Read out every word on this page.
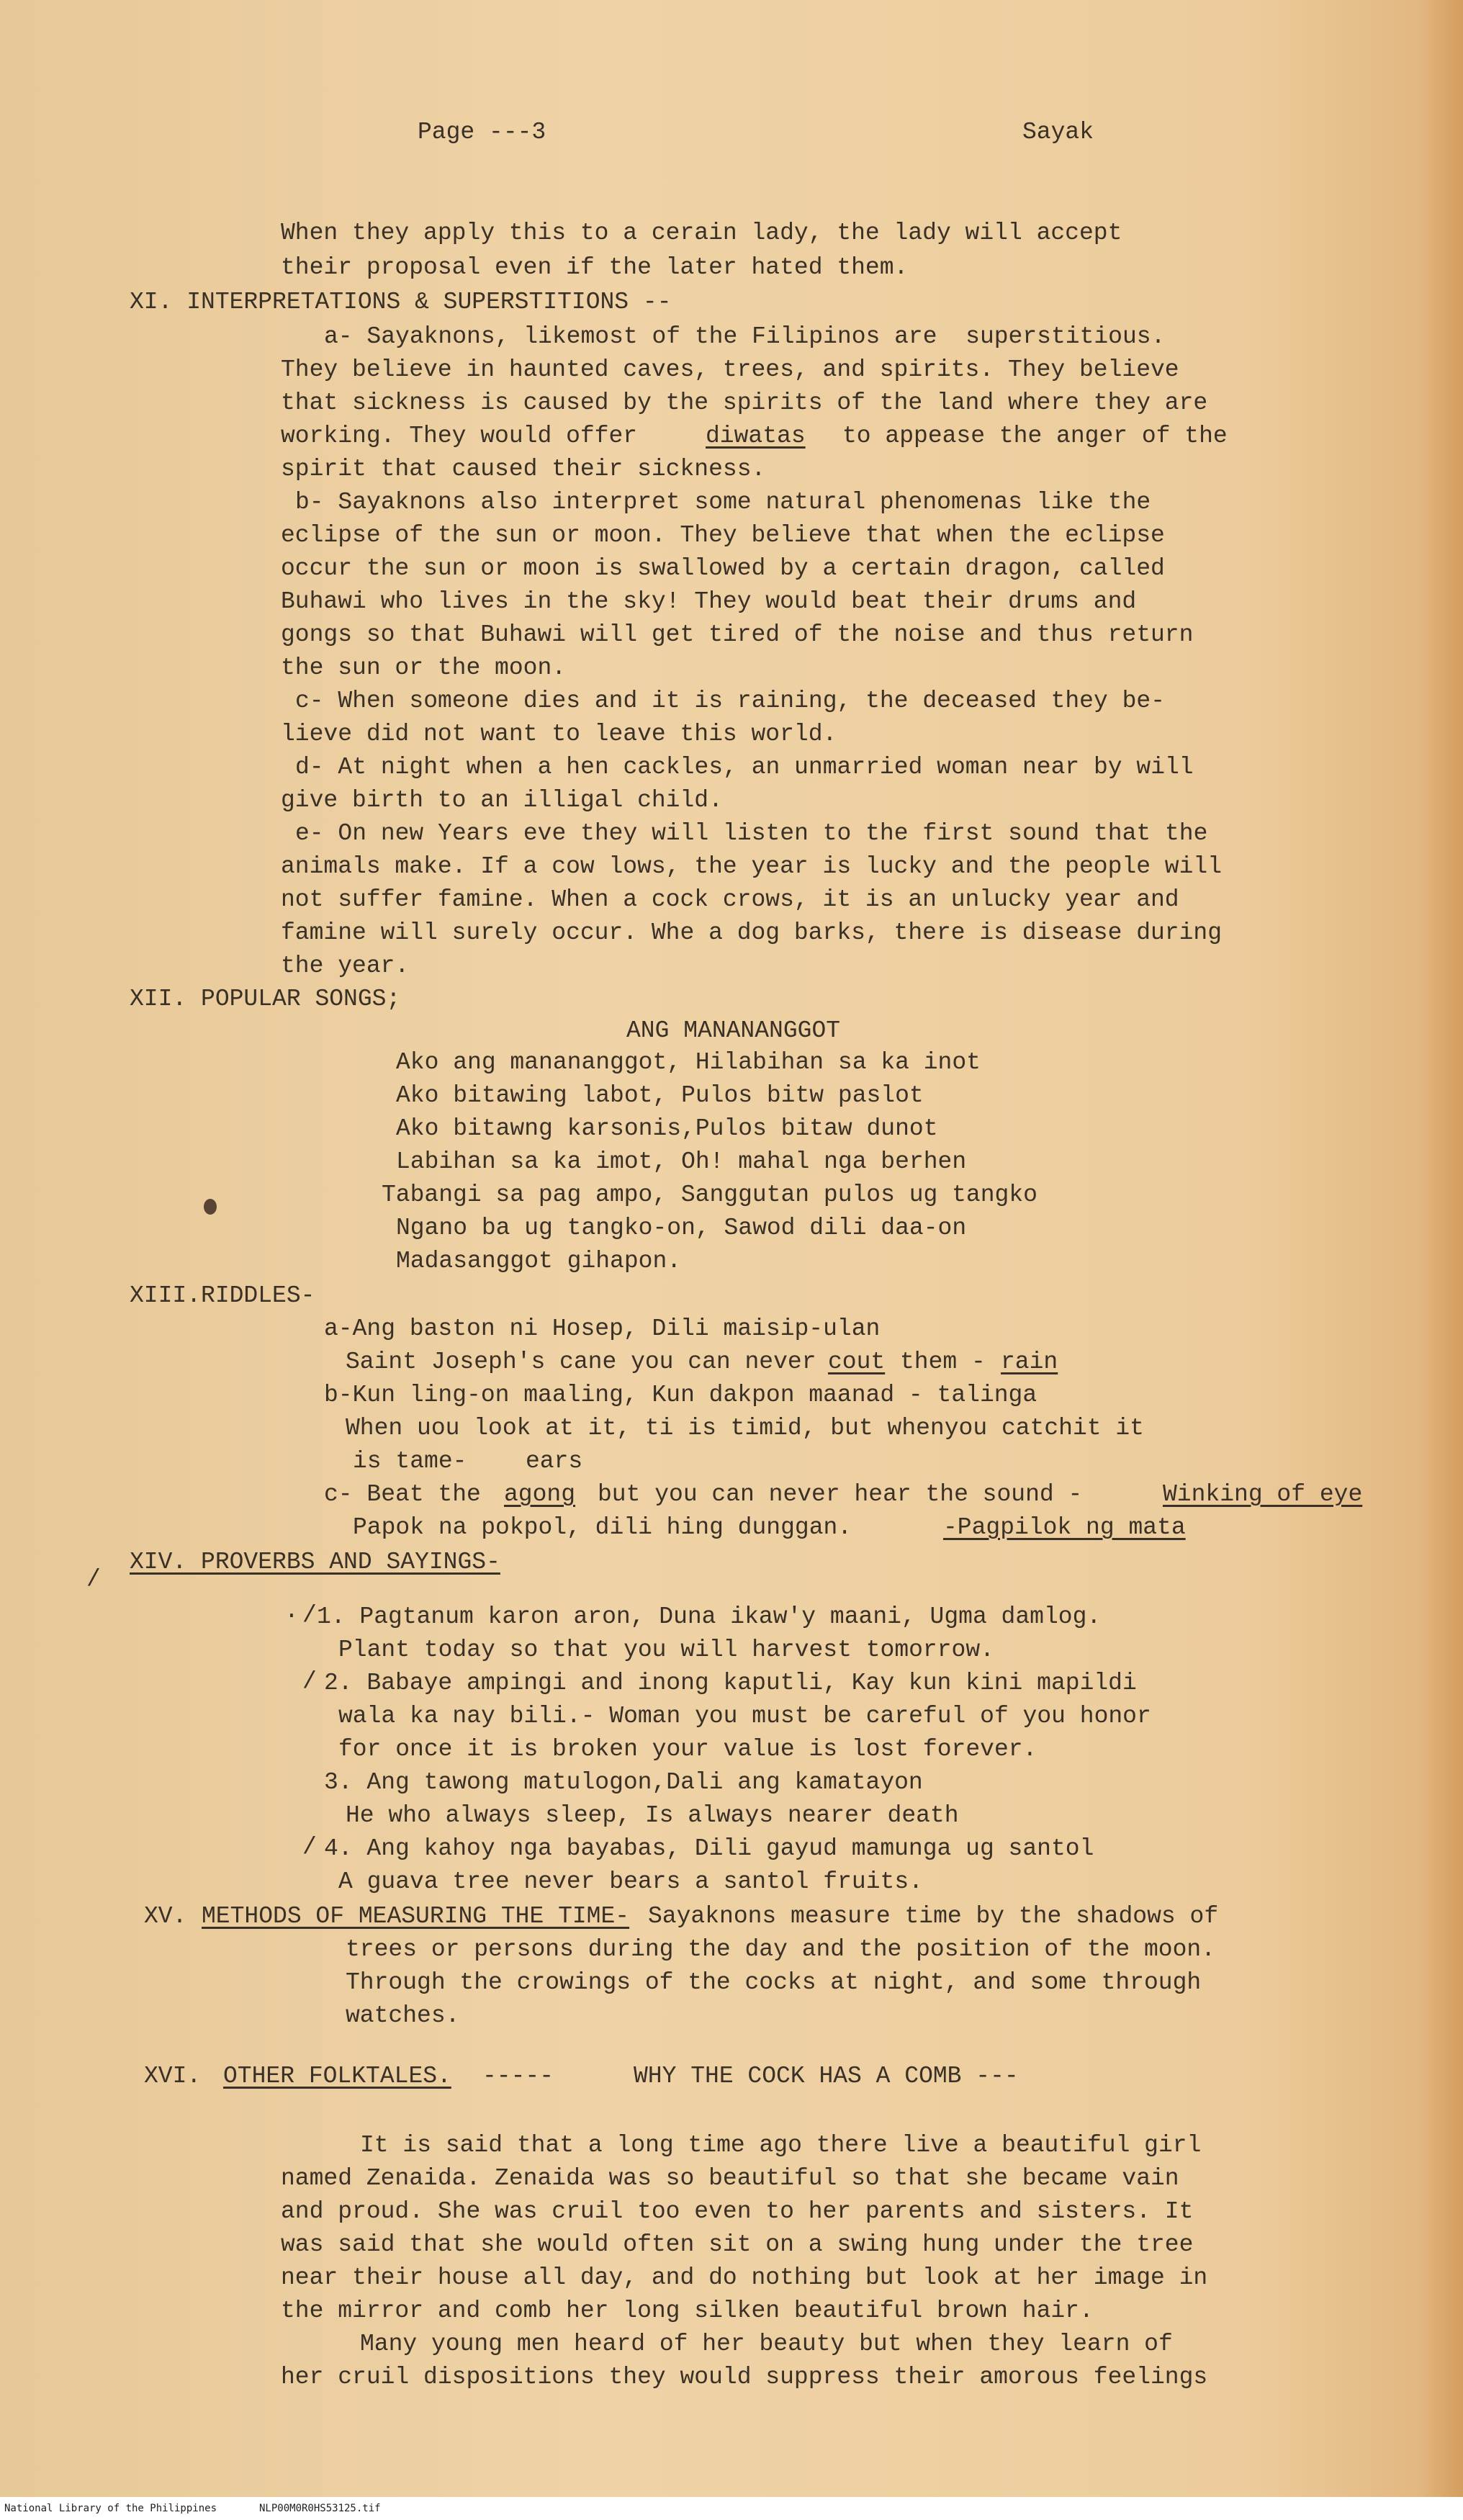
Page ---3	Sayak
When they apply this to a cerain lady, the lady will accept
their proposal even if the later hated them.
XI. INTERPRETATIONS & SUPERSTITIONS --
a- Sayaknons, likemost of the Filipinos are  superstitious.
They believe in haunted caves, trees, and spirits. They believe
that sickness is caused by the spirits of the land where they are
working. They would offer	diwatas to appease the anger of the
spirit that caused their sickness.
b- Sayaknons also interpret some natural phenomenas like the
eclipse of the sun or moon. They believe that when the eclipse
occur the sun or moon is swallowed by a certain dragon, called
Buhawi who lives in the sky! They would beat their drums and
gongs so that Buhawi will get tired of the noise and thus return
the sun or the moon.
c- When someone dies and it is raining, the deceased they be-
lieve did not want to leave this world.
d- At night when a hen cackles, an unmarried woman near by will
give birth to an illigal child.
e- On new Years eve they will listen to the first sound that the
animals make. If a cow lows, the year is lucky and the people will
not suffer famine. When a cock crows, it is an unlucky year and
famine will surely occur. Whe a dog barks, there is disease during
the year.
XII. POPULAR SONGS;
ANG MANANANGGOT
Ako ang manananggot, Hilabihan sa ka inot
Ako bitawing labot, Pulos bitw paslot
Ako bitawng karsonis,Pulos bitaw dunot
Labihan sa ka imot, Oh! mahal nga berhen
Tabangi sa pag ampo, Sanggutan pulos ug tangko
Ngano ba ug tangko-on, Sawod dili daa-on
Madasanggot gihapon.
XIII.RIDDLES-
a-Ang baston ni Hosep, Dili maisip-ulan
Saint Joseph's cane you can never cout them - rain
b-Kun ling-on maaling, Kun dakpon maanad - talinga
When uou look at it, ti is timid, but whenyou catchit it
is tame- ears
c- Beat the agong but you can never hear the sound -	Winking of eye
Papok na pokpol, dili hing dunggan.	-Pagpilok ng mata
XIV. PROVERBS AND SAYINGS-
1. Pagtanum karon aron, Duna ikaw'y maani, Ugma damlog.
Plant today so that you will harvest tomorrow.
2. Babaye ampingi and inong kaputli, Kay kun kini mapildi
wala ka nay bili.- Woman you must be careful of you honor
for once it is broken your value is lost forever.
3. Ang tawong matulogon,Dali ang kamatayon
He who always sleep, Is always nearer death
4. Ang kahoy nga bayabas, Dili gayud mamunga ug santol
A guava tree never bears a santol fruits.
/
/
/
/
.
XV. METHODS OF MEASURING THE TIME- Sayaknons measure time by the shadows of
trees or persons during the day and the position of the moon.
Through the crowings of the cocks at night, and some through
watches.
XVI. OTHER FOLKTALES. -----	WHY THE COCK HAS A COMB ---
It is said that a long time ago there live a beautiful girl
named Zenaida. Zenaida was so beautiful so that she became vain
and proud. She was cruil too even to her parents and sisters. It
was said that she would often sit on a swing hung under the tree
near their house all day, and do nothing but look at her image in
the mirror and comb her long silken beautiful brown hair.
Many young men heard of her beauty but when they learn of
her cruil dispositions they would suppress their amorous feelings
National Library of the Philippines	NLP00M0R0HS53125.tif
